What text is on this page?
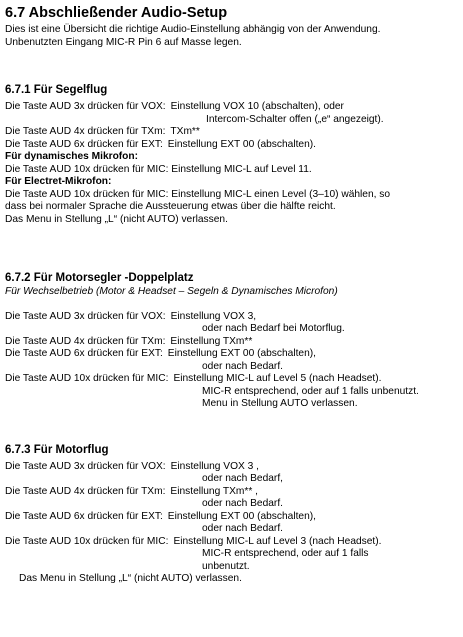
6.7 Abschließender Audio-Setup
Dies ist eine Übersicht die richtige Audio-Einstellung abhängig von der Anwendung.
Unbenutzten Eingang MIC-R Pin 6 auf Masse legen.
6.7.1 Für Segelflug
Die Taste AUD 3x drücken für VOX: Einstellung VOX 10 (abschalten), oder
Intercom-Schalter offen („e“ angezeigt).
Die Taste AUD 4x drücken für TXm: TXm**
Die Taste AUD 6x drücken für EXT: Einstellung EXT 00 (abschalten).
Für dynamisches Mikrofon:
Die Taste AUD 10x drücken für MIC: Einstellung MIC-L auf Level 11.
Für Electret-Mikrofon:
Die Taste AUD 10x drücken für MIC: Einstellung MIC-L einen Level (3–10) wählen, so
dass bei normaler Sprache die Aussteuerung etwas über die hälfte reicht.
Das Menu in Stellung „L“ (nicht AUTO) verlassen.
6.7.2 Für Motorsegler -Doppelplatz
Für Wechselbetrieb (Motor & Headset – Segeln & Dynamisches Microfon)
Die Taste AUD 3x drücken für VOX: Einstellung VOX 3,
oder nach Bedarf bei Motorflug.
Die Taste AUD 4x drücken für TXm: Einstellung TXm**
Die Taste AUD 6x drücken für EXT: Einstellung EXT 00 (abschalten),
oder nach Bedarf.
Die Taste AUD 10x drücken für MIC: Einstellung MIC-L auf Level 5 (nach Headset).
MIC-R entsprechend, oder auf 1 falls unbenutzt.
Menu in Stellung AUTO verlassen.
6.7.3 Für Motorflug
Die Taste AUD 3x drücken für VOX: Einstellung VOX 3 ,
oder nach Bedarf,
Die Taste AUD 4x drücken für TXm: Einstellung TXm** ,
oder nach Bedarf.
Die Taste AUD 6x drücken für EXT: Einstellung EXT 00 (abschalten),
oder nach Bedarf.
Die Taste AUD 10x drücken für MIC: Einstellung MIC-L auf Level 3 (nach Headset).
MIC-R entsprechend, oder auf 1 falls
unbenutzt.
Das Menu in Stellung „L“ (nicht AUTO) verlassen.
